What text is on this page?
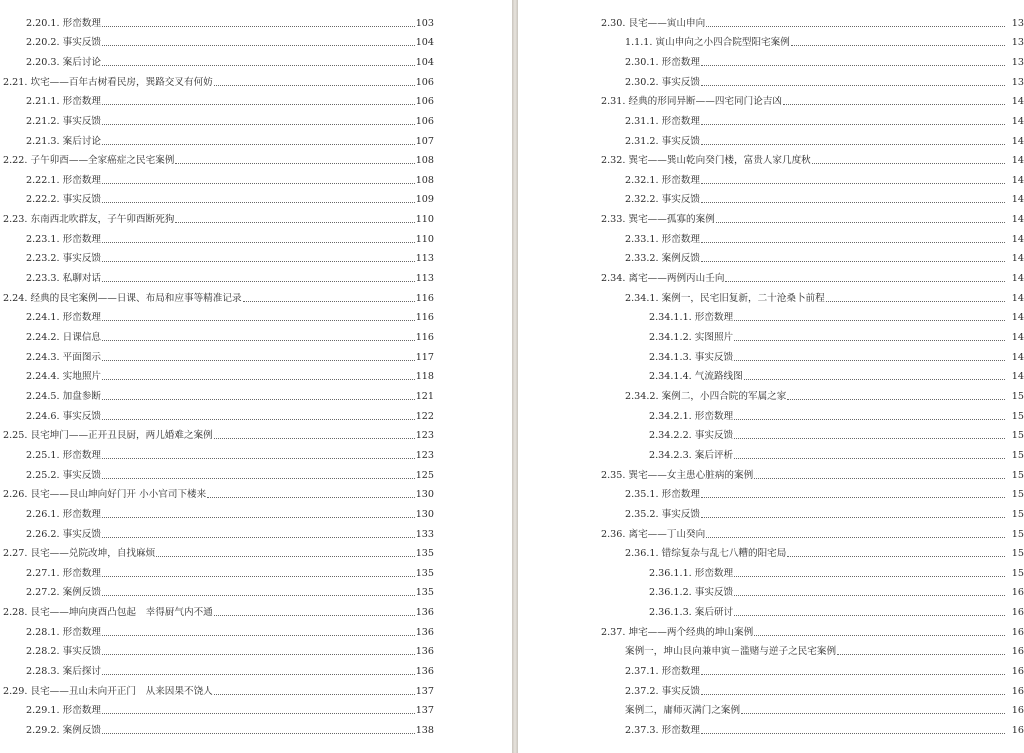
2.20.1. 形峦数理	103
2.20.2. 事实反馈	104
2.20.3. 案后讨论	104
2.21. 坎宅——百年古树看民房，巽路交叉有何妨	106
2.21.1. 形峦数理	106
2.21.2. 事实反馈	106
2.21.3. 案后讨论	107
2.22. 子午卯酉——全家癌症之民宅案例	108
2.22.1. 形峦数理	108
2.22.2. 事实反馈	109
2.23. 东南西北吹群友，子午卯酉断死狗	110
2.23.1. 形峦数理	110
2.23.2. 事实反馈	113
2.23.3. 私聊对话	113
2.24. 经典的艮宅案例——日课、布局和应事等精准记录	116
2.24.1. 形峦数理	116
2.24.2. 日课信息	116
2.24.3. 平面图示	117
2.24.4. 实地照片	118
2.24.5. 加盘参断	121
2.24.6. 事实反馈	122
2.25. 艮宅坤门——正开丑艮厨，两儿婚难之案例	123
2.25.1. 形峦数理	123
2.25.2. 事实反馈	125
2.26. 艮宅——艮山坤向好门开 小小官司下楼来	130
2.26.1. 形峦数理	130
2.26.2. 事实反馈	133
2.27. 艮宅——兑院改坤，自找麻烦	135
2.27.1. 形峦数理	135
2.27.2. 案例反馈	135
2.28. 艮宅——坤向庚酉凸包起　幸得厨气内不通	136
2.28.1. 形峦数理	136
2.28.2. 事实反馈	136
2.28.3. 案后探讨	136
2.29. 艮宅——丑山未向开正门　从来因果不饶人	137
2.29.1. 形峦数理	137
2.29.2. 案例反馈	138
2.30. 艮宅——寅山申向	13
1.1.1. 寅山申向之小四合院型阳宅案例	13
2.30.1. 形峦数理	13
2.30.2. 事实反馈	13
2.31. 经典的形同异断——四宅同门论吉凶	14
2.31.1. 形峦数理	14
2.31.2. 事实反馈	14
2.32. 巽宅——巽山乾向癸门楼，富贵人家几度秋	14
2.32.1. 形峦数理	14
2.32.2. 事实反馈	14
2.33. 巽宅——孤寡的案例	14
2.33.1. 形峦数理	14
2.33.2. 案例反馈	14
2.34. 离宅——两例丙山壬向	14
2.34.1. 案例一，民宅旧复新，二十沧桑卜前程	14
2.34.1.1. 形峦数理	14
2.34.1.2. 实图照片	14
2.34.1.3. 事实反馈	14
2.34.1.4. 气流路线图	14
2.34.2. 案例二，小四合院的军属之家	15
2.34.2.1. 形峦数理	15
2.34.2.2. 事实反馈	15
2.34.2.3. 案后评析	15
2.35. 巽宅——女主患心脏病的案例	15
2.35.1. 形峦数理	15
2.35.2. 事实反馈	15
2.36. 离宅——丁山癸向	15
2.36.1. 错综复杂与乱七八糟的阳宅局	15
2.36.1.1. 形峦数理	15
2.36.1.2. 事实反馈	16
2.36.1.3. 案后研讨	16
2.37. 坤宅——两个经典的坤山案例	16
案例一，坤山艮向兼申寅－滥赌与逆子之民宅案例	16
2.37.1. 形峦数理	16
2.37.2. 事实反馈	16
案例二，庸师灭满门之案例	16
2.37.3. 形峦数理	16
